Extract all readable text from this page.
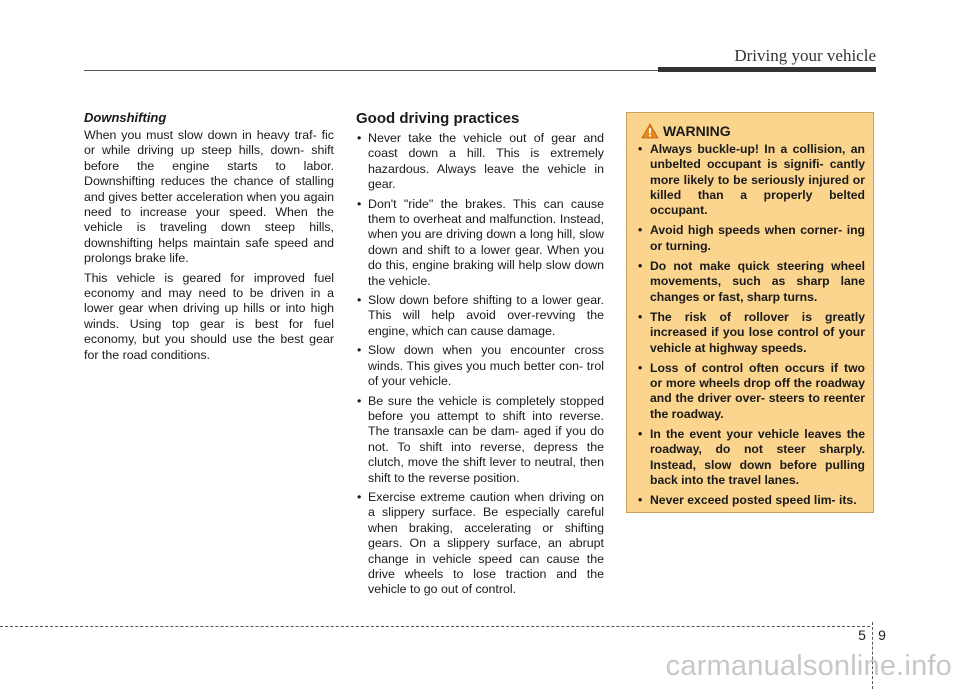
Driving your vehicle
Downshifting

When you must slow down in heavy traf- fic or while driving up steep hills, down- shift before the engine starts to labor. Downshifting reduces the chance of stalling and gives better acceleration when you again need to increase your speed. When the vehicle is traveling down steep hills, downshifting helps maintain safe speed and prolongs brake life.

This vehicle is geared for improved fuel economy and may need to be driven in a lower gear when driving up hills or into high winds. Using top gear is best for fuel economy, but you should use the best gear for the road conditions.

Good driving practices
• Never take the vehicle out of gear and coast down a hill. This is extremely hazardous. Always leave the vehicle in gear.
• Don't "ride" the brakes. This can cause them to overheat and malfunction. Instead, when you are driving down a long hill, slow down and shift to a lower gear. When you do this, engine braking will help slow down the vehicle.
• Slow down before shifting to a lower gear. This will help avoid over-revving the engine, which can cause damage.
• Slow down when you encounter cross winds. This gives you much better con- trol of your vehicle.
• Be sure the vehicle is completely stopped before you attempt to shift into reverse. The transaxle can be dam- aged if you do not. To shift into reverse, depress the clutch, move the shift lever to neutral, then shift to the reverse position.
• Exercise extreme caution when driving on a slippery surface. Be especially careful when braking, accelerating or shifting gears. On a slippery surface, an abrupt change in vehicle speed can cause the drive wheels to lose traction and the vehicle to go out of control.
WARNING
• Always buckle-up! In a collision, an unbelted occupant is signifi- cantly more likely to be seriously injured or killed than a properly belted occupant.
• Avoid high speeds when corner- ing or turning.
• Do not make quick steering wheel movements, such as sharp lane changes or fast, sharp turns.
• The risk of rollover is greatly increased if you lose control of your vehicle at highway speeds.
• Loss of control often occurs if two or more wheels drop off the roadway and the driver over- steers to reenter the roadway.
• In the event your vehicle leaves the roadway, do not steer sharply. Instead, slow down before pulling back into the travel lanes.
• Never exceed posted speed lim- its.
5 9
carmanualsonline.info
